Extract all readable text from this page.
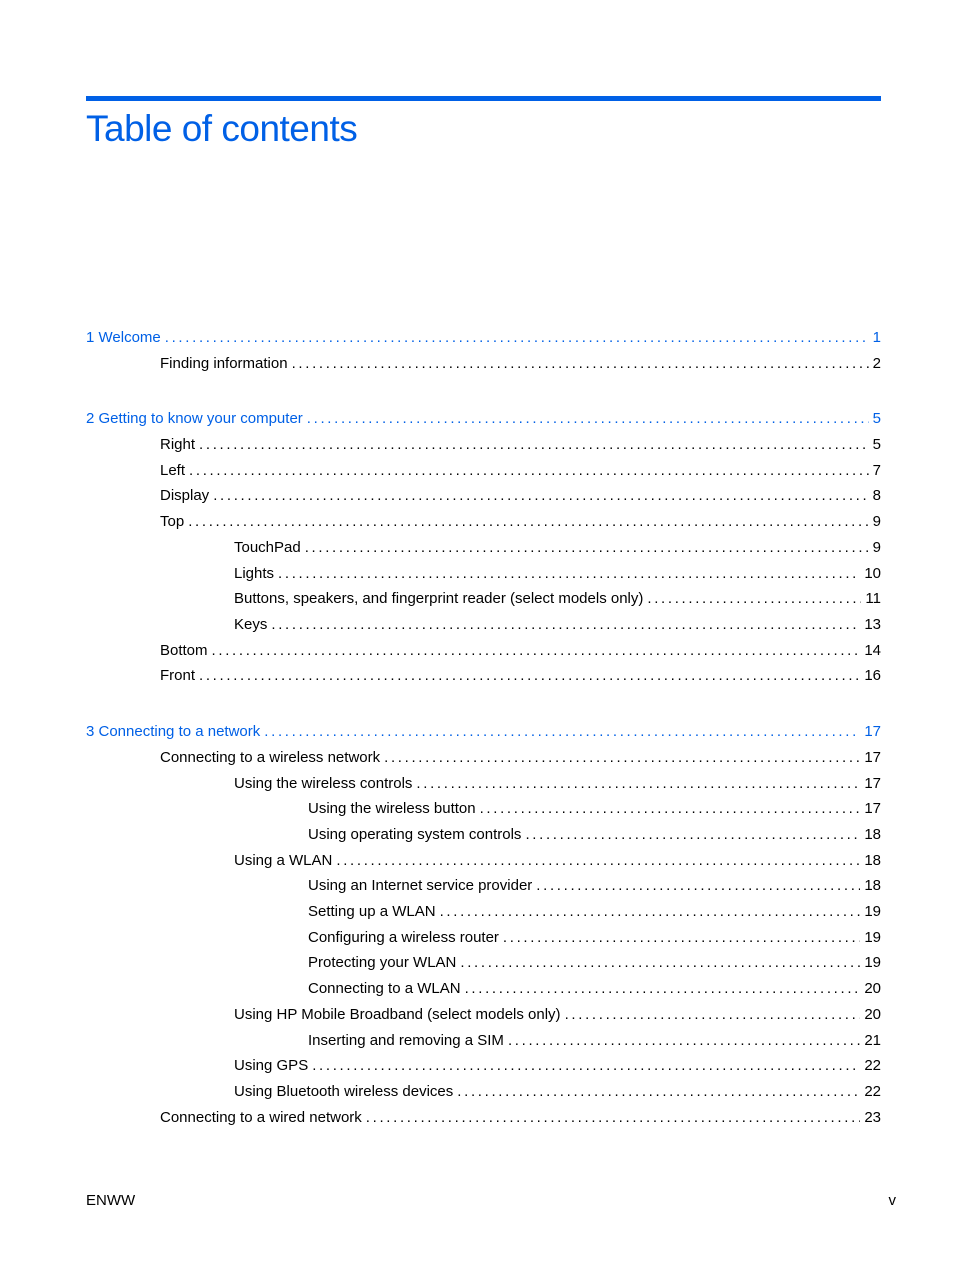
Table of contents
1 Welcome . . .	1
Finding information . . .	2
2 Getting to know your computer . . .	5
Right . . .	5
Left . . .	7
Display . . .	8
Top . . .	9
TouchPad . . .	9
Lights . . .	10
Buttons, speakers, and fingerprint reader (select models only) . . .	11
Keys . . .	13
Bottom . . .	14
Front . . .	16
3 Connecting to a network . . .	17
Connecting to a wireless network . . .	17
Using the wireless controls . . .	17
Using the wireless button . . .	17
Using operating system controls . . .	18
Using a WLAN . . .	18
Using an Internet service provider . . .	18
Setting up a WLAN . . .	19
Configuring a wireless router . . .	19
Protecting your WLAN . . .	19
Connecting to a WLAN . . .	20
Using HP Mobile Broadband (select models only) . . .	20
Inserting and removing a SIM . . .	21
Using GPS . . .	22
Using Bluetooth wireless devices . . .	22
Connecting to a wired network . . .	23
ENWW	v
